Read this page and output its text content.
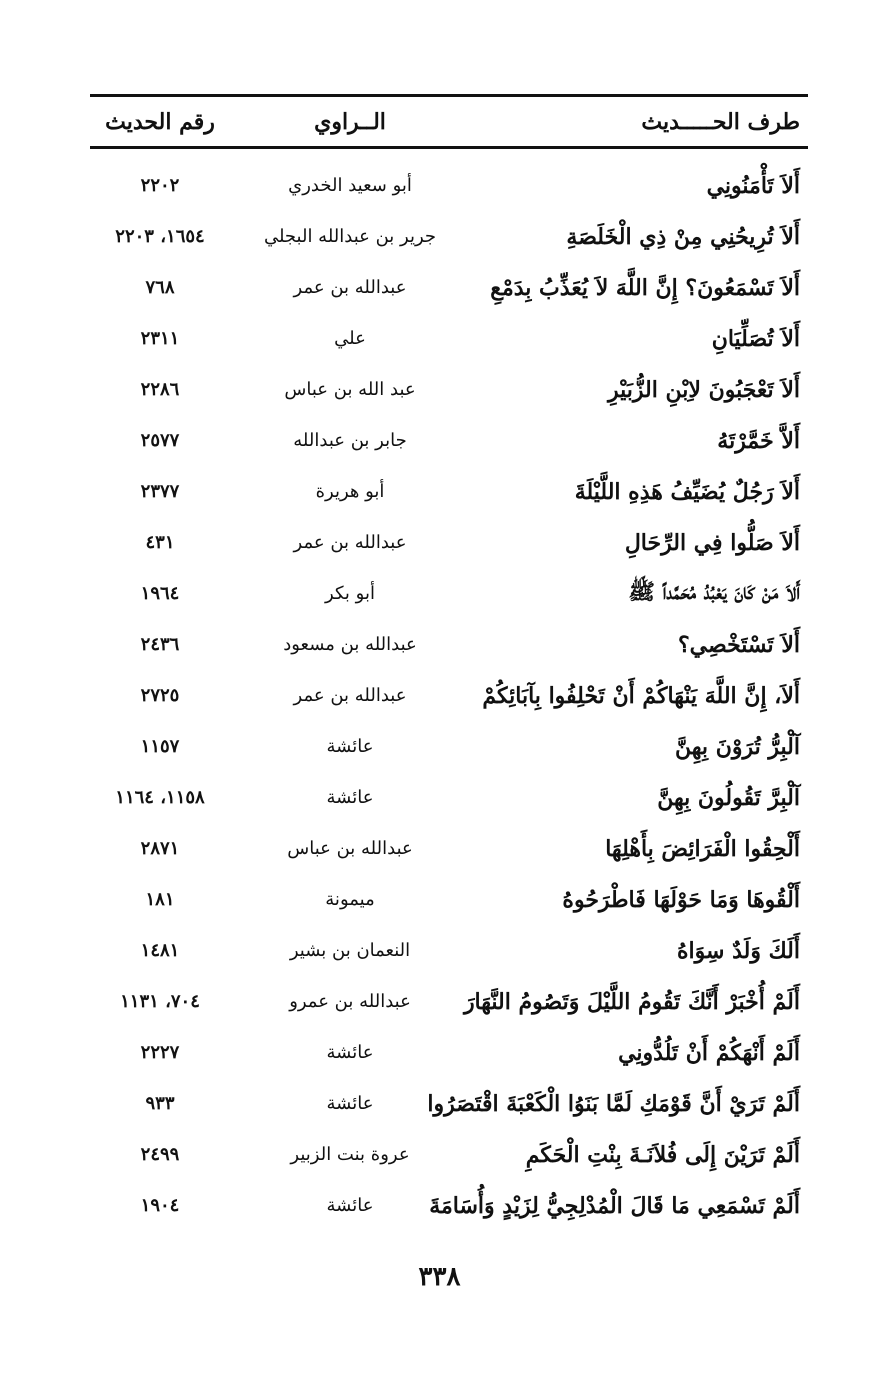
طرف الحـــــديث
الــراوي
رقم الحديث
أَلاَ تَأْمَنُونِي
أبو سعيد الخدري
٢٢٠٢
أَلاَ تُرِيحُنِي مِنْ ذِي الْخَلَصَةِ
جرير بن عبدالله البجلي
١٦٥٤، ٢٢٠٣
أَلاَ تَسْمَعُونَ؟ إِنَّ اللَّهَ لاَ يُعَذِّبُ بِدَمْعِ
عبدالله بن عمر
٧٦٨
أَلاَ تُصَلِّيَانِ
علي
٢٣١١
أَلاَ تَعْجَبُونَ لاِبْنِ الزُّبَيْرِ
عبد الله بن عباس
٢٢٨٦
أَلاَّ خَمَّرْتَهُ
جابر بن عبدالله
٢٥٧٧
أَلاَ رَجُلٌ يُضَيِّفُ هَذِهِ اللَّيْلَةَ
أبو هريرة
٢٣٧٧
أَلاَ صَلُّوا فِي الرِّحَالِ
عبدالله بن عمر
٤٣١
أَلاَ مَنْ كَانَ يَعْبُدُ مُحَمَّداً ﷺ
أبو بكر
١٩٦٤
أَلاَ تَسْتَخْصِي؟
عبدالله بن مسعود
٢٤٣٦
أَلاَ، إِنَّ اللَّهَ يَنْهَاكُمْ أَنْ تَحْلِفُوا بِآبَائِكُمْ
عبدالله بن عمر
٢٧٢٥
آلْبِرُّ تُرَوْنَ بِهِنَّ
عائشة
١١٥٧
آلْبِرَّ تَقُولُونَ بِهِنَّ
عائشة
١١٥٨، ١١٦٤
أَلْحِقُوا الْفَرَائِضَ بِأَهْلِهَا
عبدالله بن عباس
٢٨٧١
أَلْقُوهَا وَمَا حَوْلَهَا فَاطْرَحُوهُ
ميمونة
١٨١
أَلَكَ وَلَدٌ سِوَاهُ
النعمان بن بشير
١٤٨١
أَلَمْ أُخْبَرْ أَنَّكَ تَقُومُ اللَّيْلَ وَتَصُومُ النَّهَارَ
عبدالله بن عمرو
٧٠٤، ١١٣١
أَلَمْ أَنْهَكُمْ أَنْ تَلُدُّونِي
عائشة
٢٢٢٧
أَلَمْ تَرَيْ أَنَّ قَوْمَكِ لَمَّا بَنَوُا الْكَعْبَةَ اقْتَصَرُوا
عائشة
٩٣٣
أَلَمْ تَرَيْنَ إِلَى فُلاَنَـةَ بِنْتِ الْحَكَمِ
عروة بنت الزبير
٢٤٩٩
أَلَمْ تَسْمَعِي مَا قَالَ الْمُدْلِجِيُّ لِزَيْدٍ وَأُسَامَةَ
عائشة
١٩٠٤
٣٣٨
